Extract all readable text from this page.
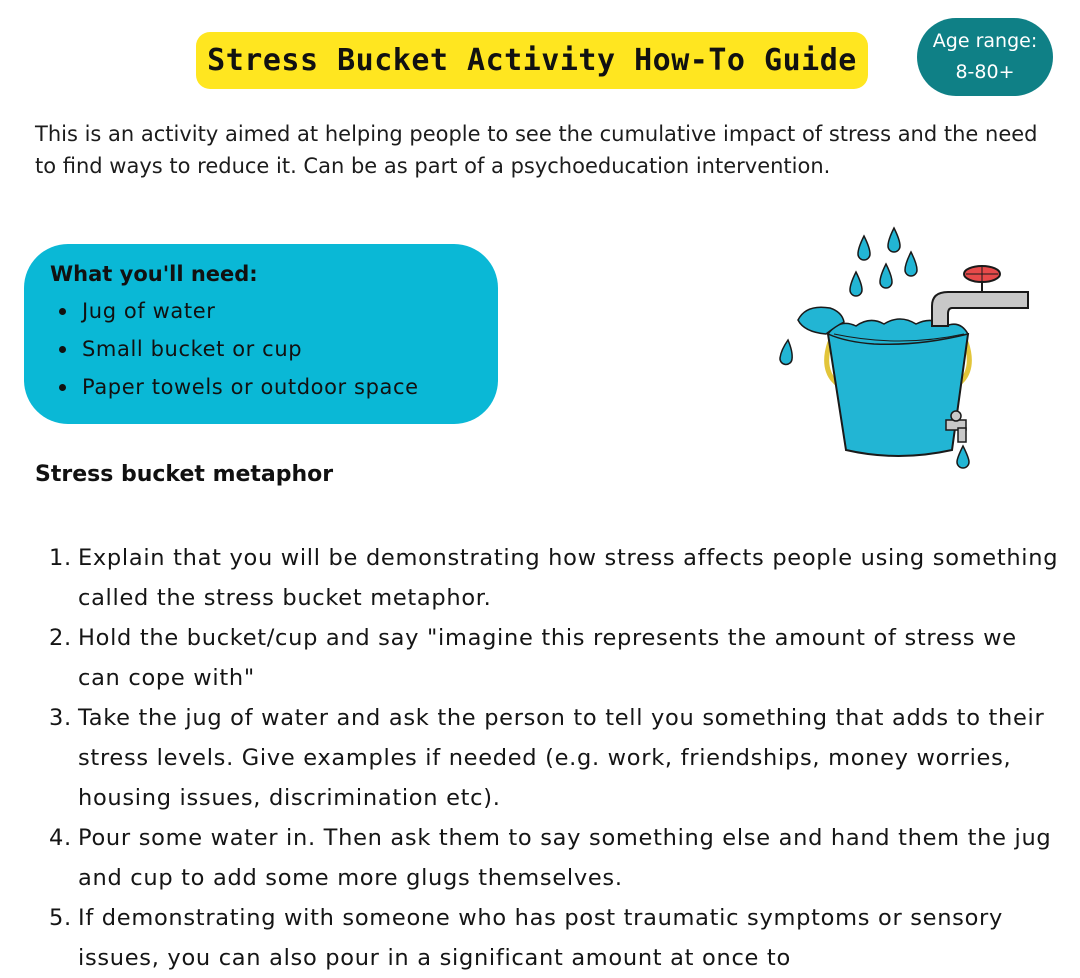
Stress Bucket Activity How-To Guide
Age range:
8-80+
This is an activity aimed at helping people to see the cumulative impact of stress and the need to find ways to reduce it. Can be as part of a psychoeducation intervention.
What you'll need:
Jug of water
Small bucket or cup
Paper towels or outdoor space
Stress bucket metaphor
1. Explain that you will be demonstrating how stress affects people using something called the stress bucket metaphor.
2. Hold the bucket/cup and say "imagine this represents the amount of stress we can cope with"
3. Take the jug of water and ask the person to tell you something that adds to their stress levels. Give examples if needed (e.g. work, friendships, money worries, housing issues, discrimination etc).
4. Pour some water in. Then ask them to say something else and hand them the jug and cup to add some more glugs themselves.
5. If demonstrating with someone who has post traumatic symptoms or sensory issues, you can also pour in a significant amount at once to
